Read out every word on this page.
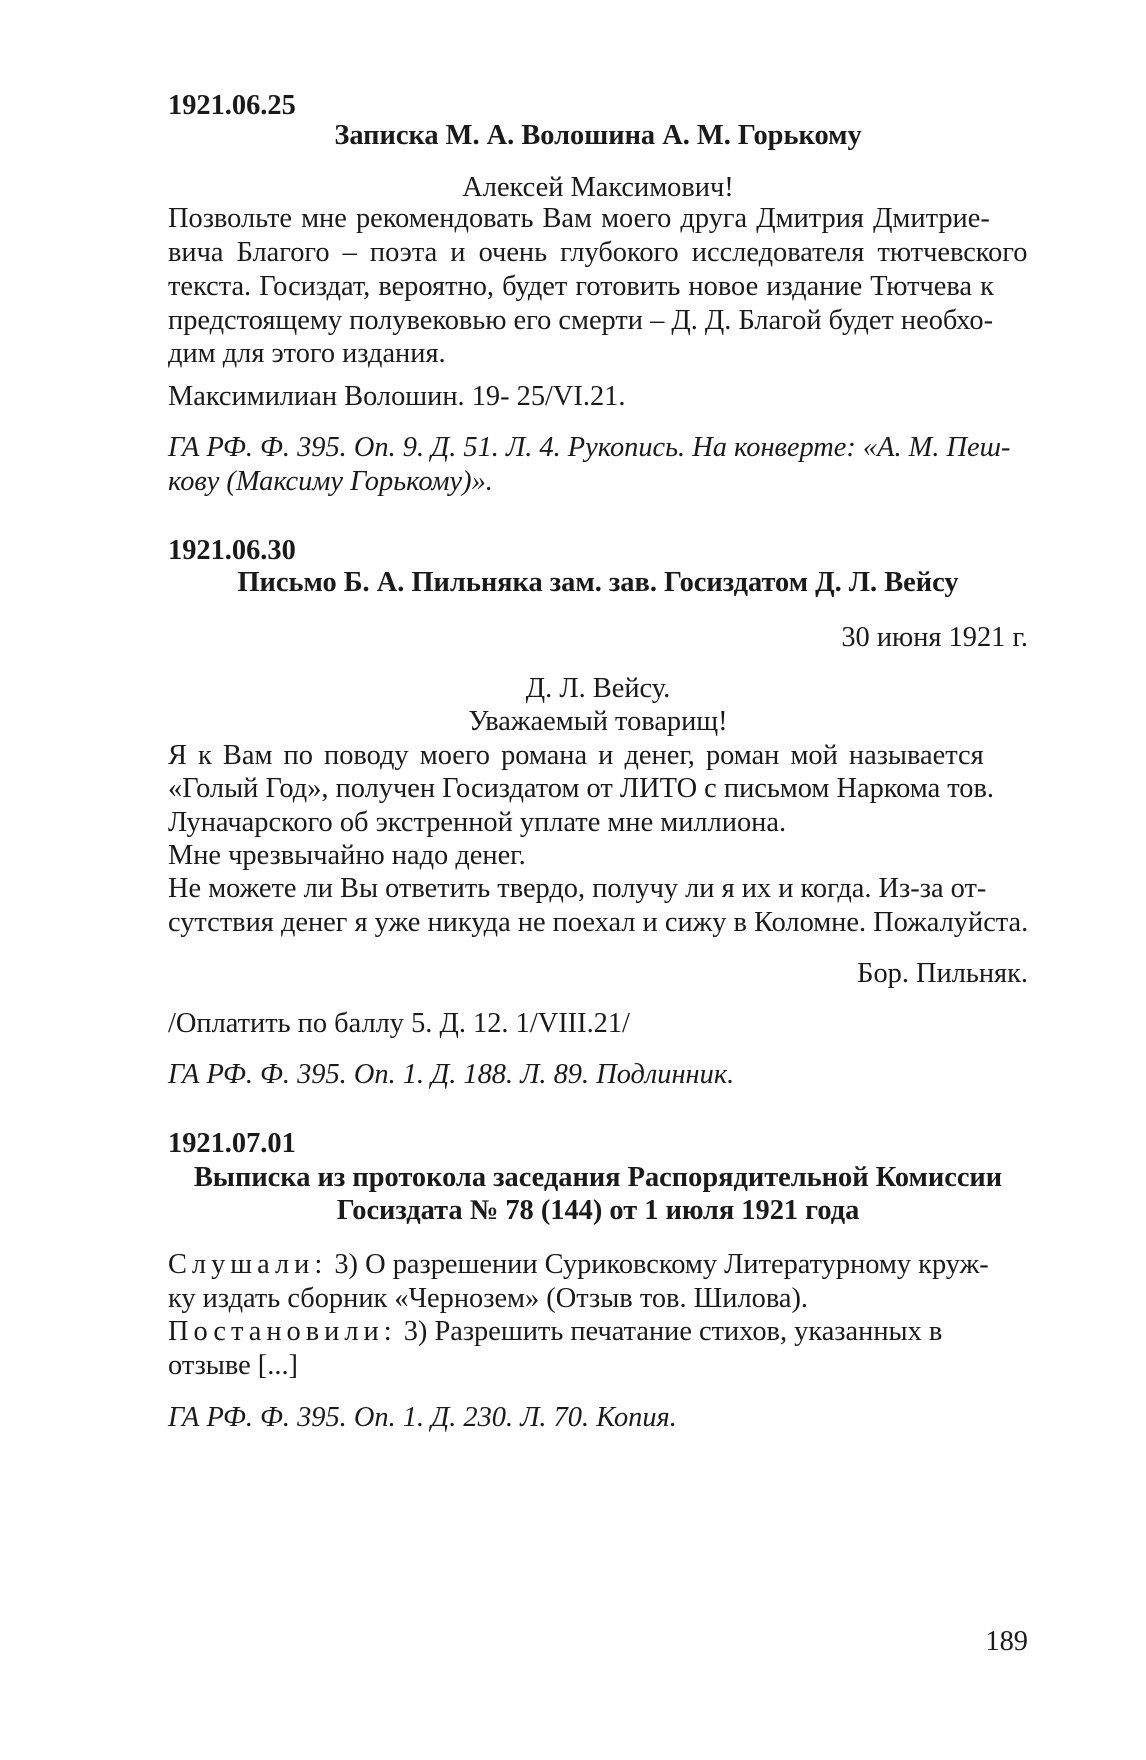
1921.06.25

Записка М. А. Волошина А. М. Горькому

Алексей Максимович!

Позвольте мне рекомендовать Вам моего друга Дмитрия Дмитрие-

вича Благого – поэта и очень глубокого исследователя тютчевского

текста. Госиздат, вероятно, будет готовить новое издание Тютчева к

предстоящему полувековью его смерти – Д. Д. Благой будет необхо-

дим для этого издания.

Максимилиан Волошин. 19- 25/VI.21.

ГА РФ. Ф. 395. Оп. 9. Д. 51. Л. 4. Рукопись. На конверте: «А. М. Пеш-

кову (Максиму Горькому)».

1921.06.30

Письмо Б. А. Пильняка зам. зав. Госиздатом Д. Л. Вейсу

30 июня 1921 г.

Д. Л. Вейсу.

Уважаемый товарищ!

Я к Вам по поводу моего романа и денег, роман мой называется

«Голый Год», получен Госиздатом от ЛИТО с письмом Наркома тов.

Луначарского об экстренной уплате мне миллиона.

Мне чрезвычайно надо денег.

Не можете ли Вы ответить твердо, получу ли я их и когда. Из-за от-

сутствия денег я уже никуда не поехал и сижу в Коломне. Пожалуйста.

Бор. Пильняк.

/Оплатить по баллу 5. Д. 12. 1/VIII.21/

ГА РФ. Ф. 395. Оп. 1. Д. 188. Л. 89. Подлинник.

1921.07.01

Выписка из протокола заседания Распорядительной Комиссии

Госиздата № 78 (144) от 1 июля 1921 года

Слушали: 3) О разрешении Суриковскому Литературному круж-

ку издать сборник «Чернозем» (Отзыв тов. Шилова).

Постановили: 3) Разрешить печатание стихов, указанных в

отзыве [...]

ГА РФ. Ф. 395. Оп. 1. Д. 230. Л. 70. Копия.

189
